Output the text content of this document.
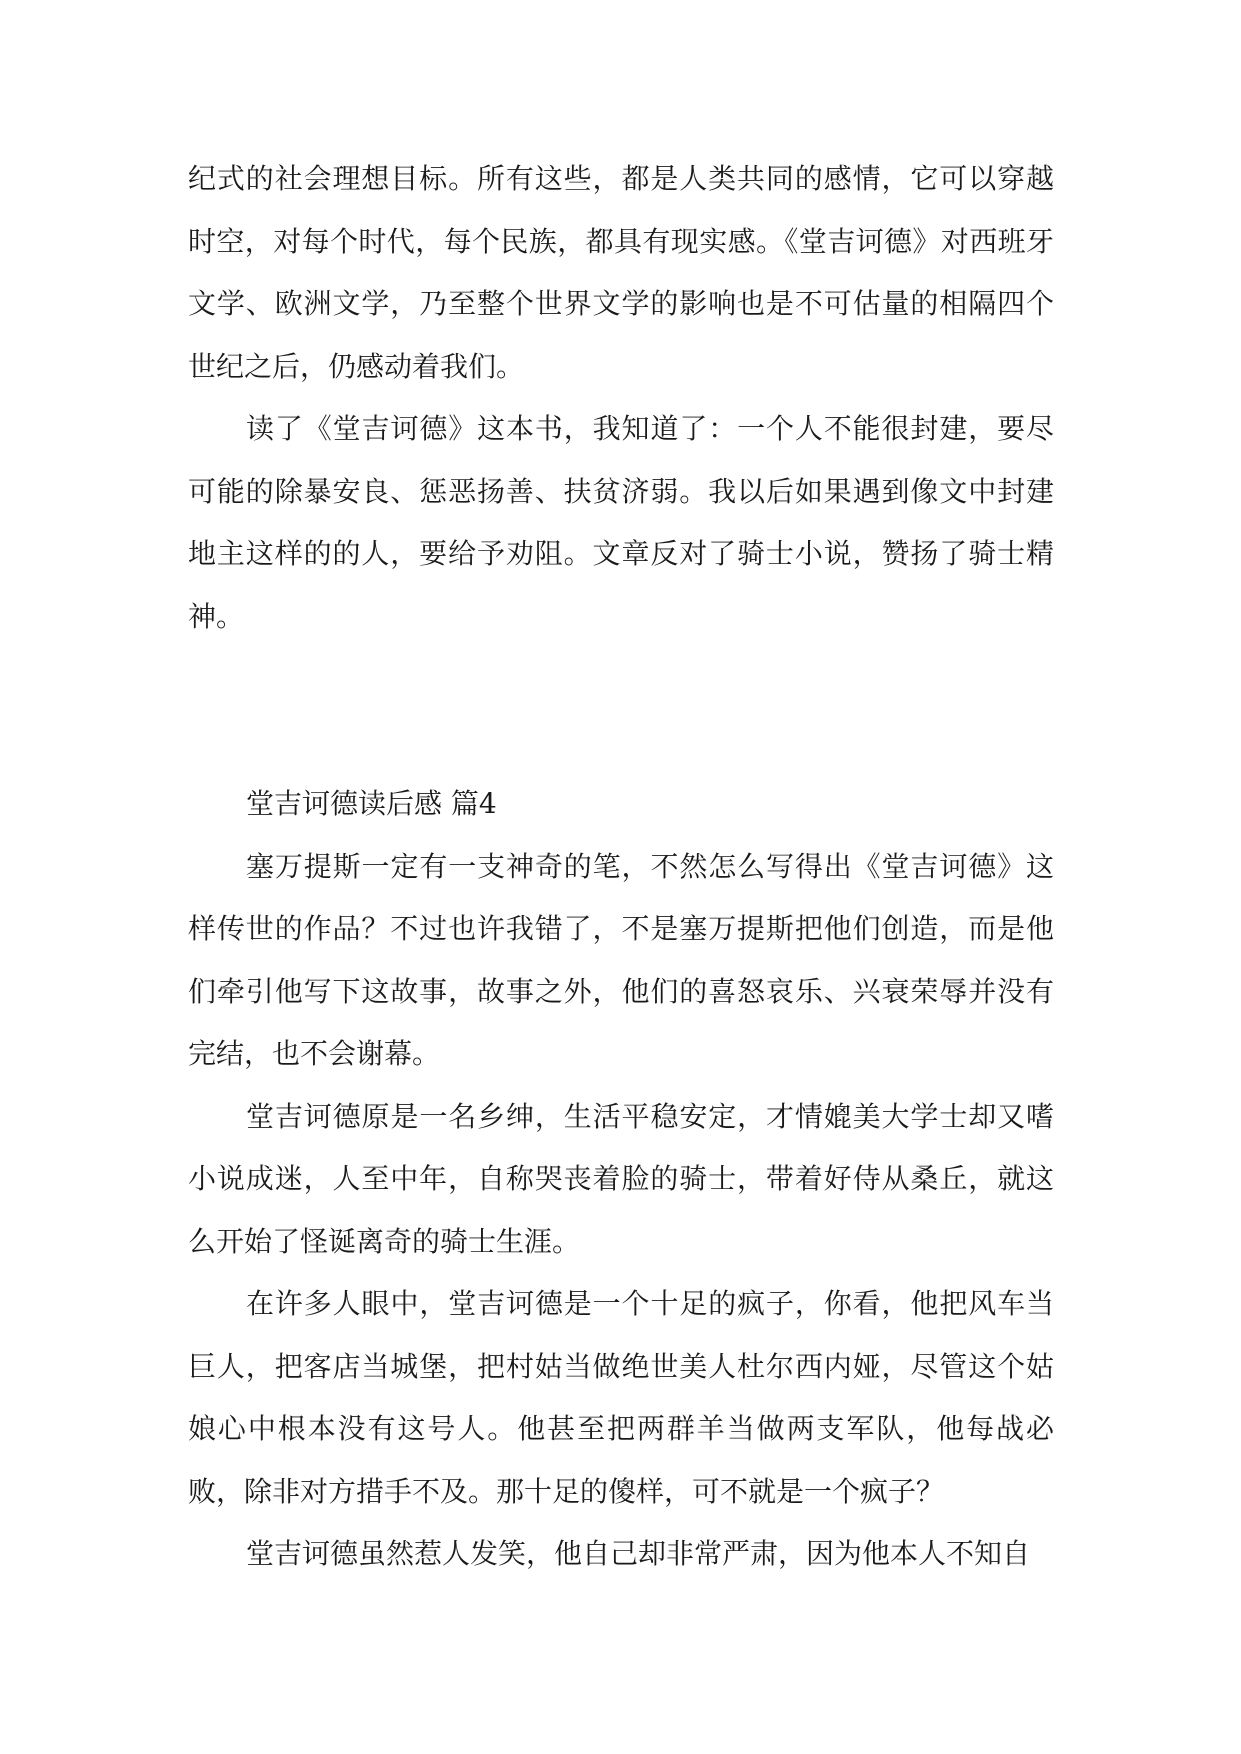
纪式的社会理想目标。所有这些，都是人类共同的感情，它可以穿越时空，对每个时代，每个民族，都具有现实感。《堂吉诃德》对西班牙文学、欧洲文学，乃至整个世界文学的影响也是不可估量的相隔四个世纪之后，仍感动着我们。

读了《堂吉诃德》这本书，我知道了：一个人不能很封建，要尽可能的除暴安良、惩恶扬善、扶贫济弱。我以后如果遇到像文中封建地主这样的的人，要给予劝阻。文章反对了骑士小说，赞扬了骑士精神。

堂吉诃德读后感 篇4

塞万提斯一定有一支神奇的笔，不然怎么写得出《堂吉诃德》这样传世的作品？不过也许我错了，不是塞万提斯把他们创造，而是他们牵引他写下这故事，故事之外，他们的喜怒哀乐、兴衰荣辱并没有完结，也不会谢幕。

堂吉诃德原是一名乡绅，生活平稳安定，才情媲美大学士却又嗜小说成迷，人至中年，自称哭丧着脸的骑士，带着好侍从桑丘，就这么开始了怪诞离奇的骑士生涯。

在许多人眼中，堂吉诃德是一个十足的疯子，你看，他把风车当巨人，把客店当城堡，把村姑当做绝世美人杜尔西内娅，尽管这个姑娘心中根本没有这号人。他甚至把两群羊当做两支军队，他每战必败，除非对方措手不及。那十足的傻样，可不就是一个疯子？

堂吉诃德虽然惹人发笑，他自己却非常严肃，因为他本人不知自
